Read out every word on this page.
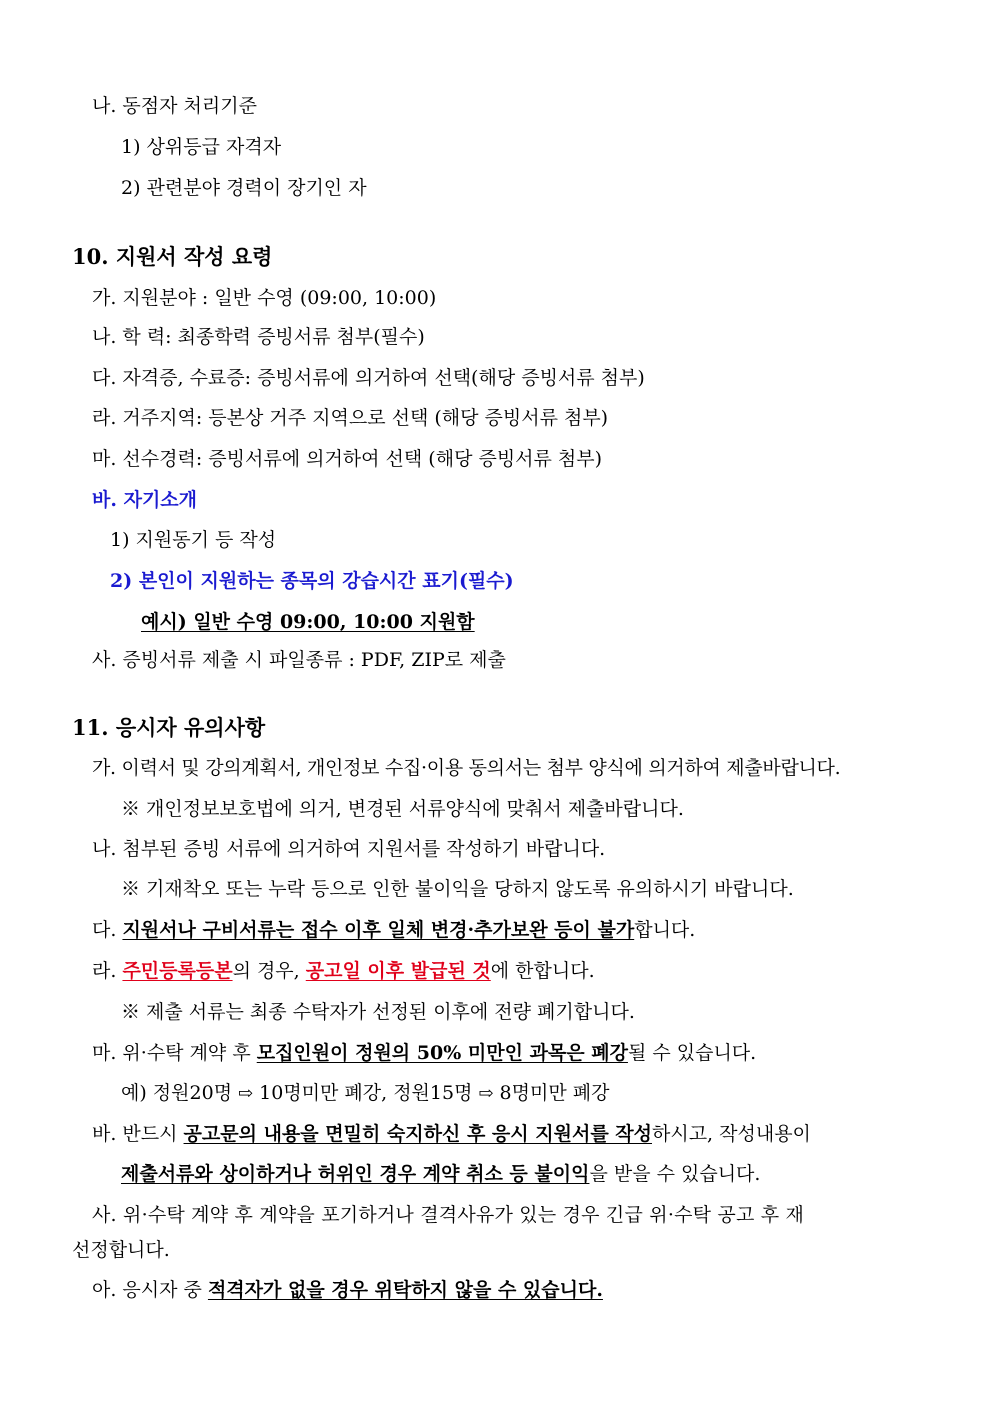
나. 동점자 처리기준
1) 상위등급 자격자
2) 관련분야 경력이 장기인 자
10. 지원서 작성 요령
가. 지원분야 : 일반 수영 (09:00, 10:00)
나. 학 력: 최종학력 증빙서류 첨부(필수)
다. 자격증, 수료증: 증빙서류에 의거하여 선택(해당 증빙서류 첨부)
라. 거주지역: 등본상 거주 지역으로 선택 (해당 증빙서류 첨부)
마. 선수경력: 증빙서류에 의거하여 선택 (해당 증빙서류 첨부)
바. 자기소개
1) 지원동기 등 작성
2) 본인이 지원하는 종목의 강습시간 표기(필수)
예시) 일반 수영 09:00, 10:00 지원함
사. 증빙서류 제출 시 파일종류 : PDF, ZIP로 제출
11. 응시자 유의사항
가. 이력서 및 강의계획서, 개인정보 수집·이용 동의서는 첨부 양식에 의거하여 제출바랍니다.
※ 개인정보보호법에 의거, 변경된 서류양식에 맞춰서 제출바랍니다.
나. 첨부된 증빙 서류에 의거하여 지원서를 작성하기 바랍니다.
※ 기재착오 또는 누락 등으로 인한 불이익을 당하지 않도록 유의하시기 바랍니다.
다. 지원서나 구비서류는 접수 이후 일체 변경·추가보완 등이 불가합니다.
라. 주민등록등본의 경우, 공고일 이후 발급된 것에 한합니다.
※ 제출 서류는 최종 수탁자가 선정된 이후에 전량 폐기합니다.
마. 위·수탁 계약 후 모집인원이 정원의 50% 미만인 과목은 폐강될 수 있습니다.
예) 정원20명 ⇨ 10명미만 폐강, 정원15명 ⇨ 8명미만 폐강
바. 반드시 공고문의 내용을 면밀히 숙지하신 후 응시 지원서를 작성하시고, 작성내용이
제출서류와 상이하거나 허위인 경우 계약 취소 등 불이익을 받을 수 있습니다.
사. 위·수탁 계약 후 계약을 포기하거나 결격사유가 있는 경우 긴급 위·수탁 공고 후 재
선정합니다.
아. 응시자 중 적격자가 없을 경우 위탁하지 않을 수 있습니다.
